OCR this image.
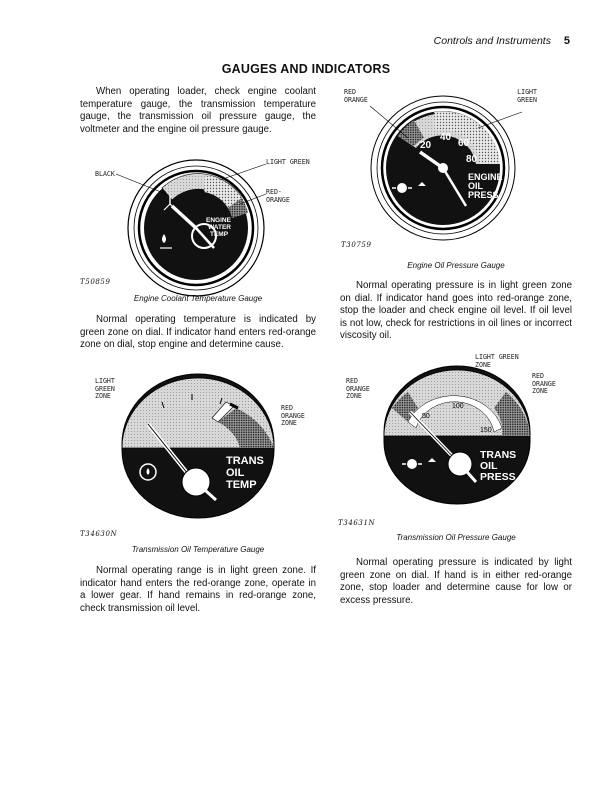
Controls and Instruments 5
GAUGES AND INDICATORS
When operating loader, check engine coolant temperature gauge, the transmission temperature gauge, the transmission oil pressure gauge, the voltmeter and the engine oil pressure gauge.
ENGINE
WATER
TEMP
BLACK
LIGHT GREEN
RED-ORANGE
T50859
Engine Coolant Temperature Gauge
Normal operating temperature is indicated by green zone on dial. If indicator hand enters red-orange zone on dial, stop engine and determine cause.
20
40
60
80
ENGINE
OIL
PRESS
RED ORANGE
LIGHT GREEN
T30759
Engine Oil Pressure Gauge
Normal operating pressure is in light green zone on dial. If indicator hand goes into red-orange zone, stop the loader and check engine oil level. If oil level is not low, check for restrictions in oil lines or incorrect viscosity oil.
TRANS
OIL
TEMP
LIGHT GREEN ZONE
RED ORANGE ZONE
T34630N
Transmission Oil Temperature Gauge
Normal operating range is in light green zone. If indicator hand enters the red-orange zone, operate in a lower gear. If hand remains in red-orange zone, check transmission oil level.
50
100
150
TRANS
OIL
PRESS
LIGHT GREEN ZONE
RED ORANGE ZONE
RED ORANGE ZONE
T34631N
Transmission Oil Pressure Gauge
Normal operating pressure is indicated by light green zone on dial. If hand is in either red-orange zone, stop loader and determine cause for low or excess pressure.
